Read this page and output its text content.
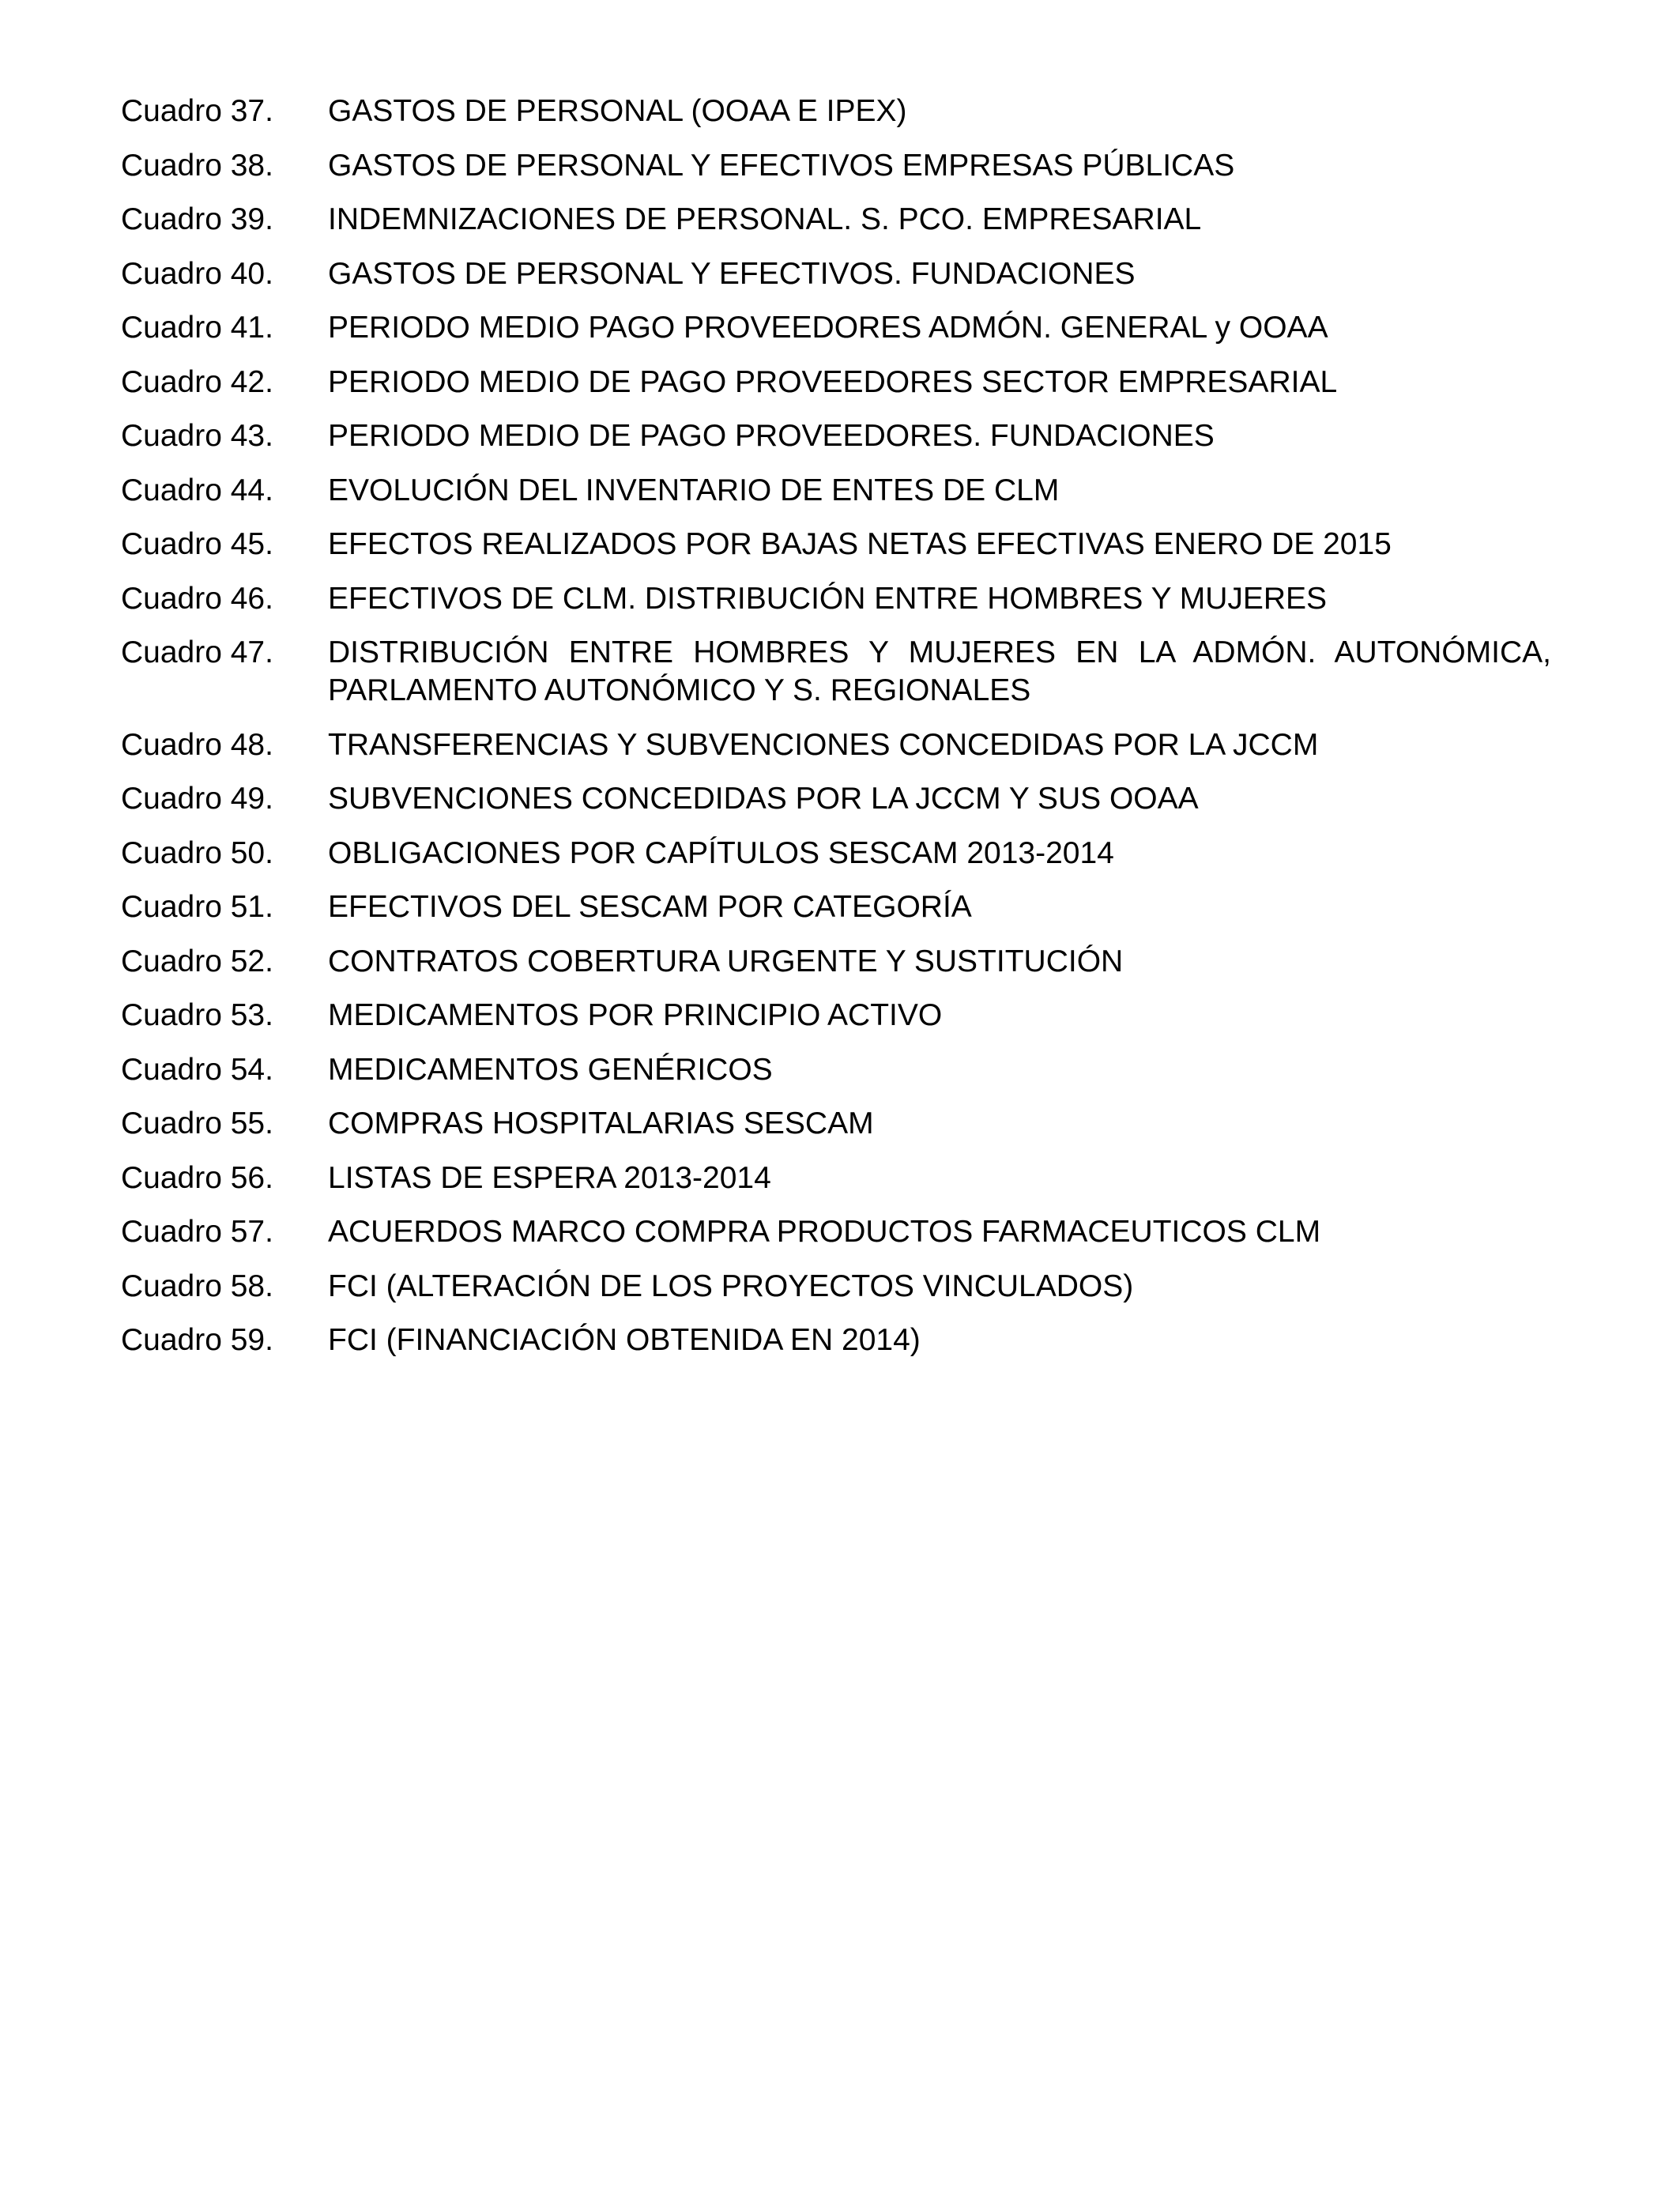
Cuadro 37.	GASTOS DE PERSONAL (OOAA E IPEX)
Cuadro 38.	GASTOS DE PERSONAL Y EFECTIVOS EMPRESAS PÚBLICAS
Cuadro 39.	INDEMNIZACIONES DE PERSONAL. S. PCO. EMPRESARIAL
Cuadro 40.	GASTOS DE PERSONAL Y EFECTIVOS. FUNDACIONES
Cuadro 41.	PERIODO MEDIO PAGO PROVEEDORES ADMÓN. GENERAL y OOAA
Cuadro 42.	PERIODO MEDIO DE PAGO PROVEEDORES SECTOR EMPRESARIAL
Cuadro 43.	PERIODO MEDIO DE PAGO PROVEEDORES. FUNDACIONES
Cuadro 44.	EVOLUCIÓN DEL INVENTARIO DE ENTES DE CLM
Cuadro 45.	EFECTOS REALIZADOS POR BAJAS NETAS EFECTIVAS ENERO DE 2015
Cuadro 46.	EFECTIVOS DE CLM. DISTRIBUCIÓN ENTRE HOMBRES Y MUJERES
Cuadro 47.	DISTRIBUCIÓN ENTRE HOMBRES Y MUJERES EN LA ADMÓN. AUTONÓMICA, PARLAMENTO AUTONÓMICO Y S. REGIONALES
Cuadro 48.	TRANSFERENCIAS Y SUBVENCIONES CONCEDIDAS POR LA JCCM
Cuadro 49.	SUBVENCIONES CONCEDIDAS POR LA JCCM Y SUS OOAA
Cuadro 50.	OBLIGACIONES POR CAPÍTULOS SESCAM 2013-2014
Cuadro 51.	EFECTIVOS DEL SESCAM POR CATEGORÍA
Cuadro 52.	CONTRATOS COBERTURA URGENTE Y SUSTITUCIÓN
Cuadro 53.	MEDICAMENTOS POR PRINCIPIO ACTIVO
Cuadro 54.	MEDICAMENTOS GENÉRICOS
Cuadro 55.	COMPRAS HOSPITALARIAS SESCAM
Cuadro 56.	LISTAS DE ESPERA 2013-2014
Cuadro 57.	ACUERDOS MARCO COMPRA PRODUCTOS FARMACEUTICOS CLM
Cuadro 58.	FCI (ALTERACIÓN DE LOS PROYECTOS VINCULADOS)
Cuadro 59.	FCI (FINANCIACIÓN OBTENIDA EN 2014)
